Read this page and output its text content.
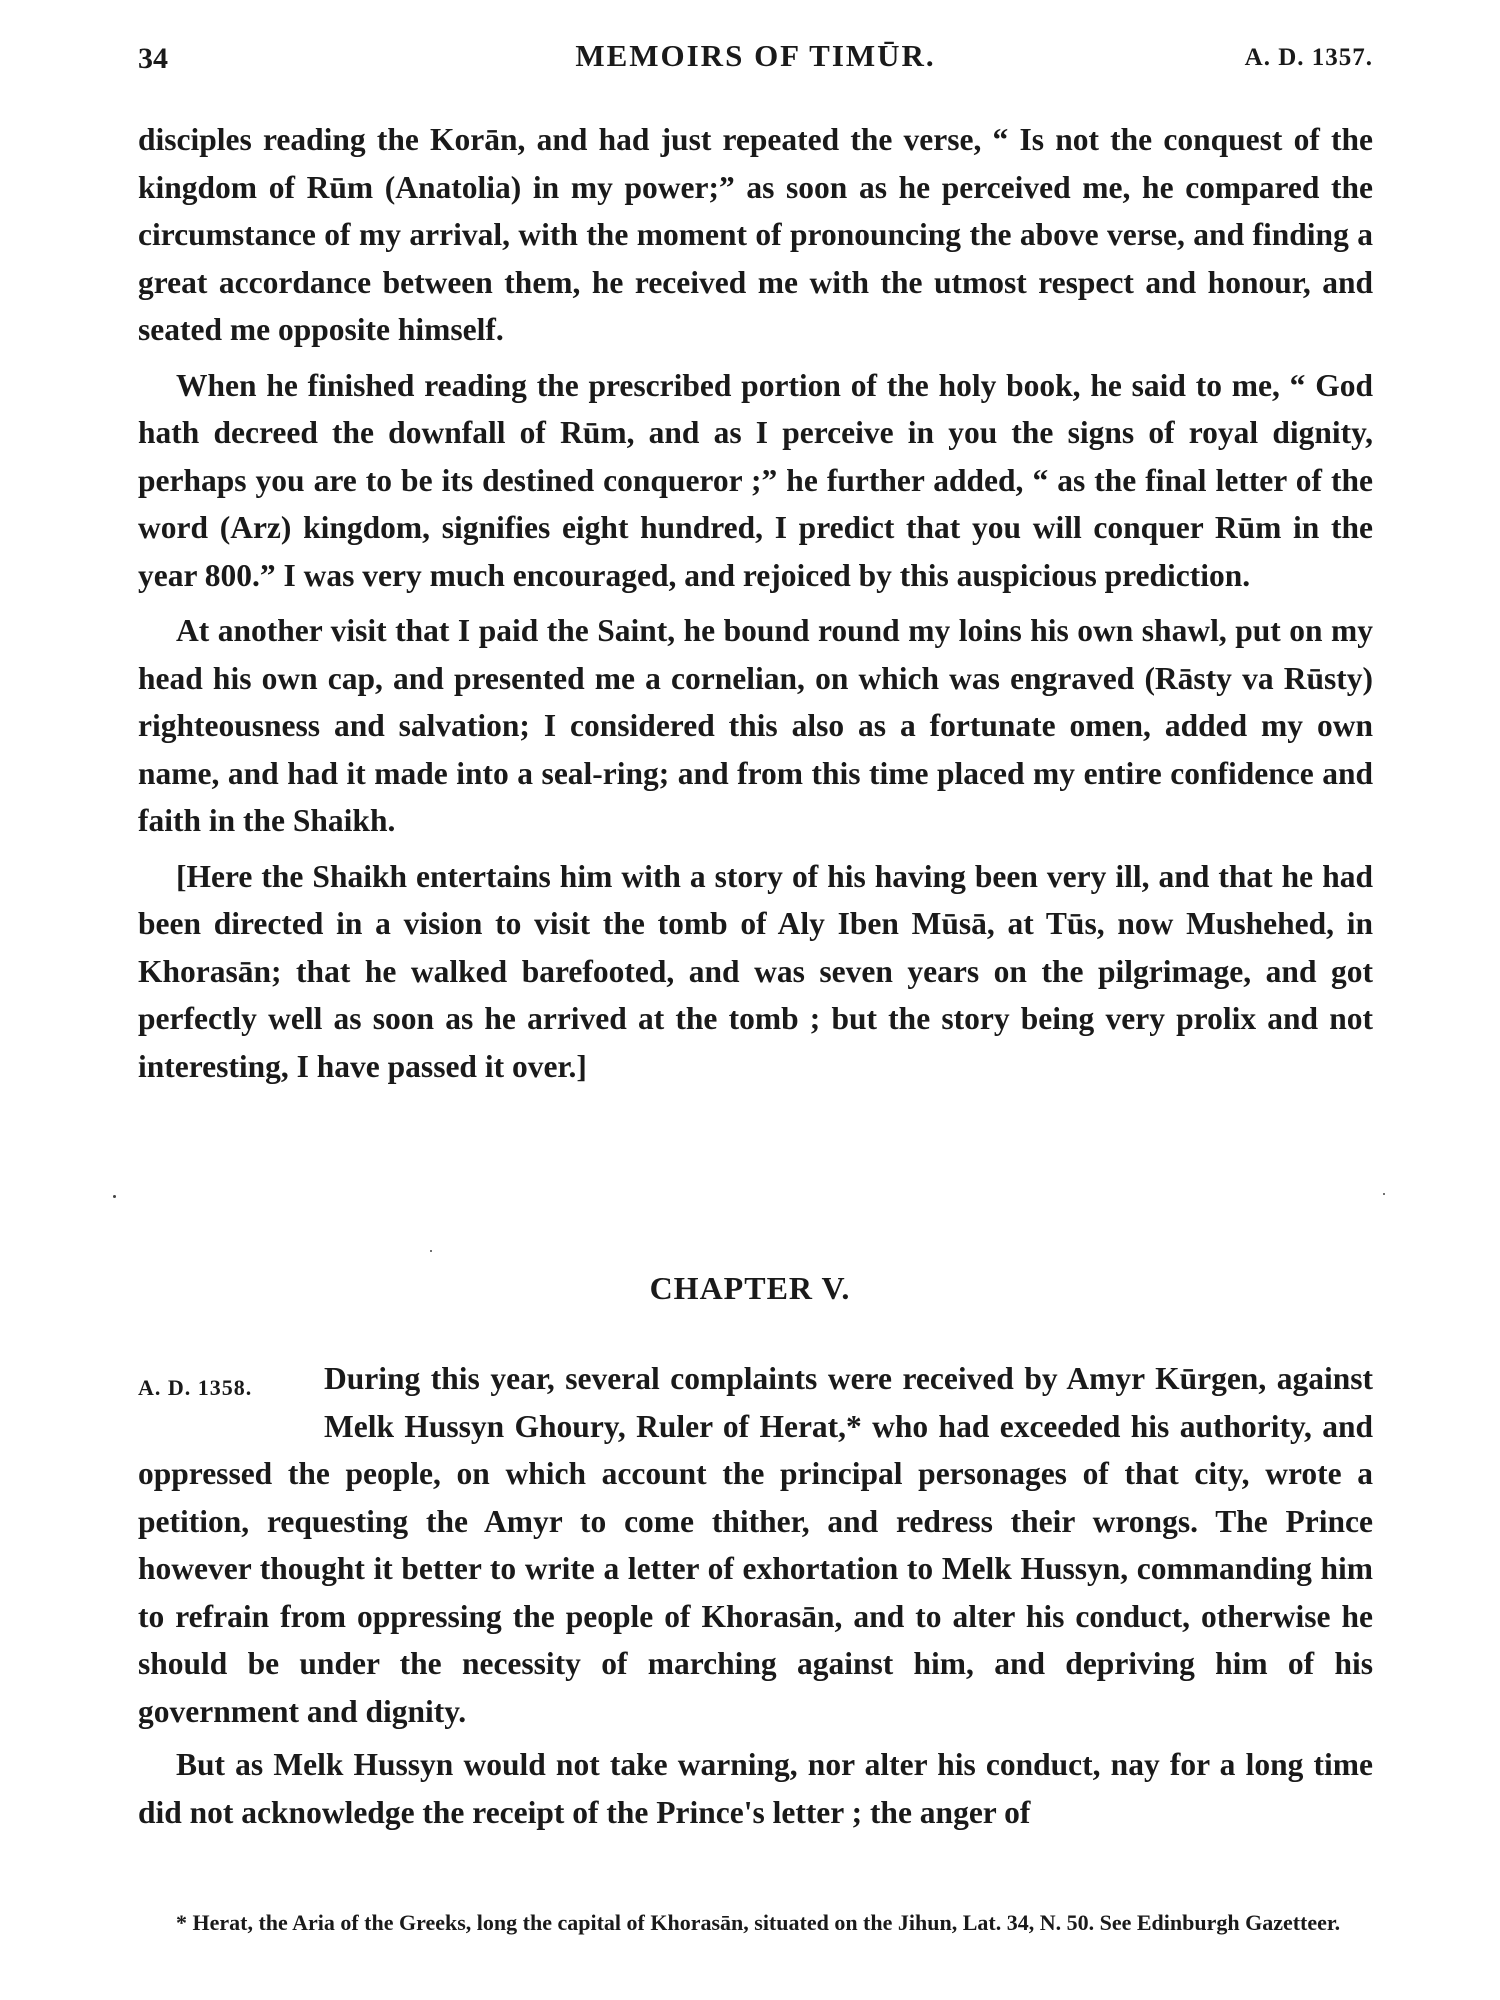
34	MEMOIRS OF TIMŪR.	A. D. 1357.

disciples reading the Korān, and had just repeated the verse, “ Is not the conquest of the kingdom of Rūm (Anatolia) in my power;” as soon as he perceived me, he compared the circumstance of my arrival, with the moment of pronouncing the above verse, and finding a great accordance between them, he received me with the utmost respect and honour, and seated me opposite himself.

When he finished reading the prescribed portion of the holy book, he said to me, “ God hath decreed the downfall of Rūm, and as I perceive in you the signs of royal dignity, perhaps you are to be its destined conqueror ;” he further added, “ as the final letter of the word (Arz) kingdom, signifies eight hundred, I predict that you will conquer Rūm in the year 800.” I was very much encouraged, and rejoiced by this auspicious prediction.

At another visit that I paid the Saint, he bound round my loins his own shawl, put on my head his own cap, and presented me a cornelian, on which was engraved (Rāsty va Rūsty) righteousness and salvation; I considered this also as a fortunate omen, added my own name, and had it made into a seal-ring; and from this time placed my entire confidence and faith in the Shaikh.

[Here the Shaikh entertains him with a story of his having been very ill, and that he had been directed in a vision to visit the tomb of Aly Iben Mūsā, at Tūs, now Mushehed, in Khorasān; that he walked barefooted, and was seven years on the pilgrimage, and got perfectly well as soon as he arrived at the tomb ; but the story being very prolix and not interesting, I have passed it over.]

CHAPTER V.
A. D. 1358.	During this year, several complaints were received by Amyr Kūrgen, against Melk Hussyn Ghoury, Ruler of Herat,* who had exceeded his authority, and oppressed the people, on which account the principal personages of that city, wrote a petition, requesting the Amyr to come thither, and redress their wrongs. The Prince however thought it better to write a letter of exhortation to Melk Hussyn, commanding him to refrain from oppressing the people of Khorasān, and to alter his conduct, otherwise he should be under the necessity of marching against him, and depriving him of his government and dignity.

But as Melk Hussyn would not take warning, nor alter his conduct, nay for a long time did not acknowledge the receipt of the Prince's letter ; the anger of

* Herat, the Aria of the Greeks, long the capital of Khorasān, situated on the Jihun, Lat. 34, N. 50. See Edinburgh Gazetteer.
